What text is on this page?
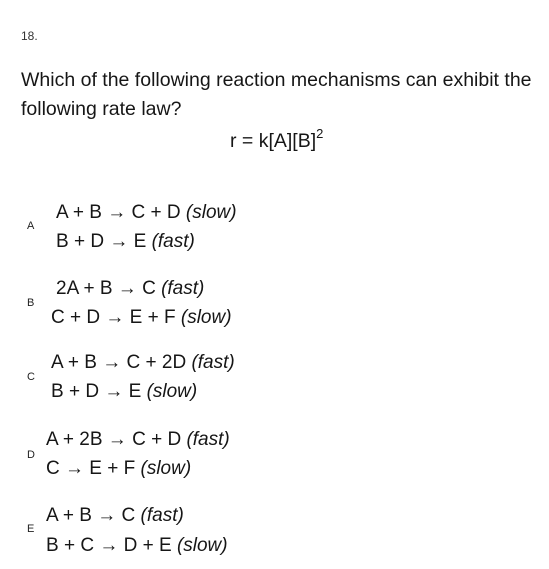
18.
Which of the following reaction mechanisms can exhibit the following rate law?
$r = k[A][B]^2$
A
A + B → C + D (slow)
B + D → E (fast)
B
2A + B → C (fast)
C + D → E + F (slow)
C
A + B → C + 2D (fast)
B + D → E (slow)
D
A + 2B → C + D (fast)
C → E + F (slow)
E
A + B → C (fast)
B + C → D + E (slow)
